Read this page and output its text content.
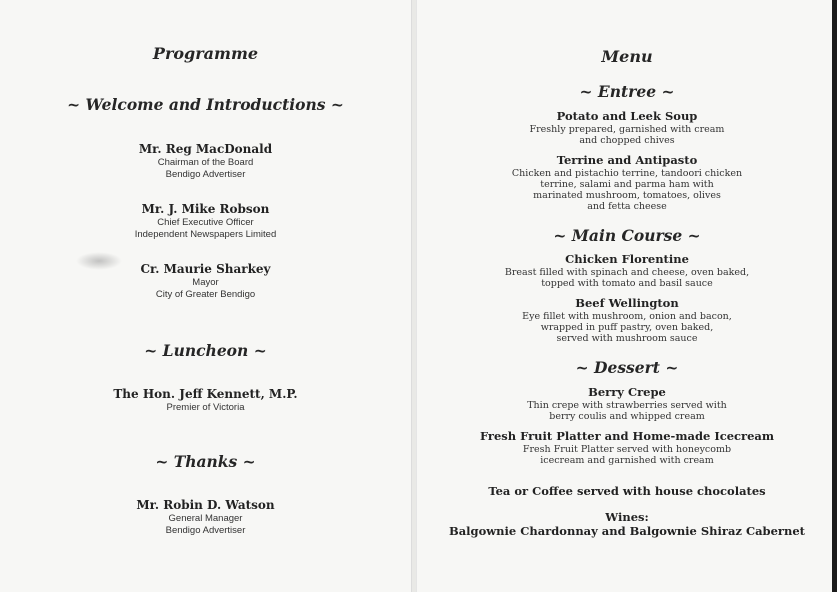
Programme
~ Welcome and Introductions ~
Mr. Reg MacDonald
Chairman of the Board
Bendigo Advertiser
Mr. J. Mike Robson
Chief Executive Officer
Independent Newspapers Limited
Cr. Maurie Sharkey
Mayor
City of Greater Bendigo
~ Luncheon ~
The Hon. Jeff Kennett, M.P.
Premier of Victoria
~ Thanks ~
Mr. Robin D. Watson
General Manager
Bendigo Advertiser
Menu
~ Entree ~
Potato and Leek Soup
Freshly prepared, garnished with cream
and chopped chives
Terrine and Antipasto
Chicken and pistachio terrine, tandoori chicken
terrine, salami and parma ham with
marinated mushroom, tomatoes, olives
and fetta cheese
~ Main Course ~
Chicken Florentine
Breast filled with spinach and cheese, oven baked,
topped with tomato and basil sauce
Beef Wellington
Eye fillet with mushroom, onion and bacon,
wrapped in puff pastry, oven baked,
served with mushroom sauce
~ Dessert ~
Berry Crepe
Thin crepe with strawberries served with
berry coulis and whipped cream
Fresh Fruit Platter and Home-made Icecream
Fresh Fruit Platter served with honeycomb
icecream and garnished with cream
Tea or Coffee served with house chocolates
Wines:
Balgownie Chardonnay and Balgownie Shiraz Cabernet
